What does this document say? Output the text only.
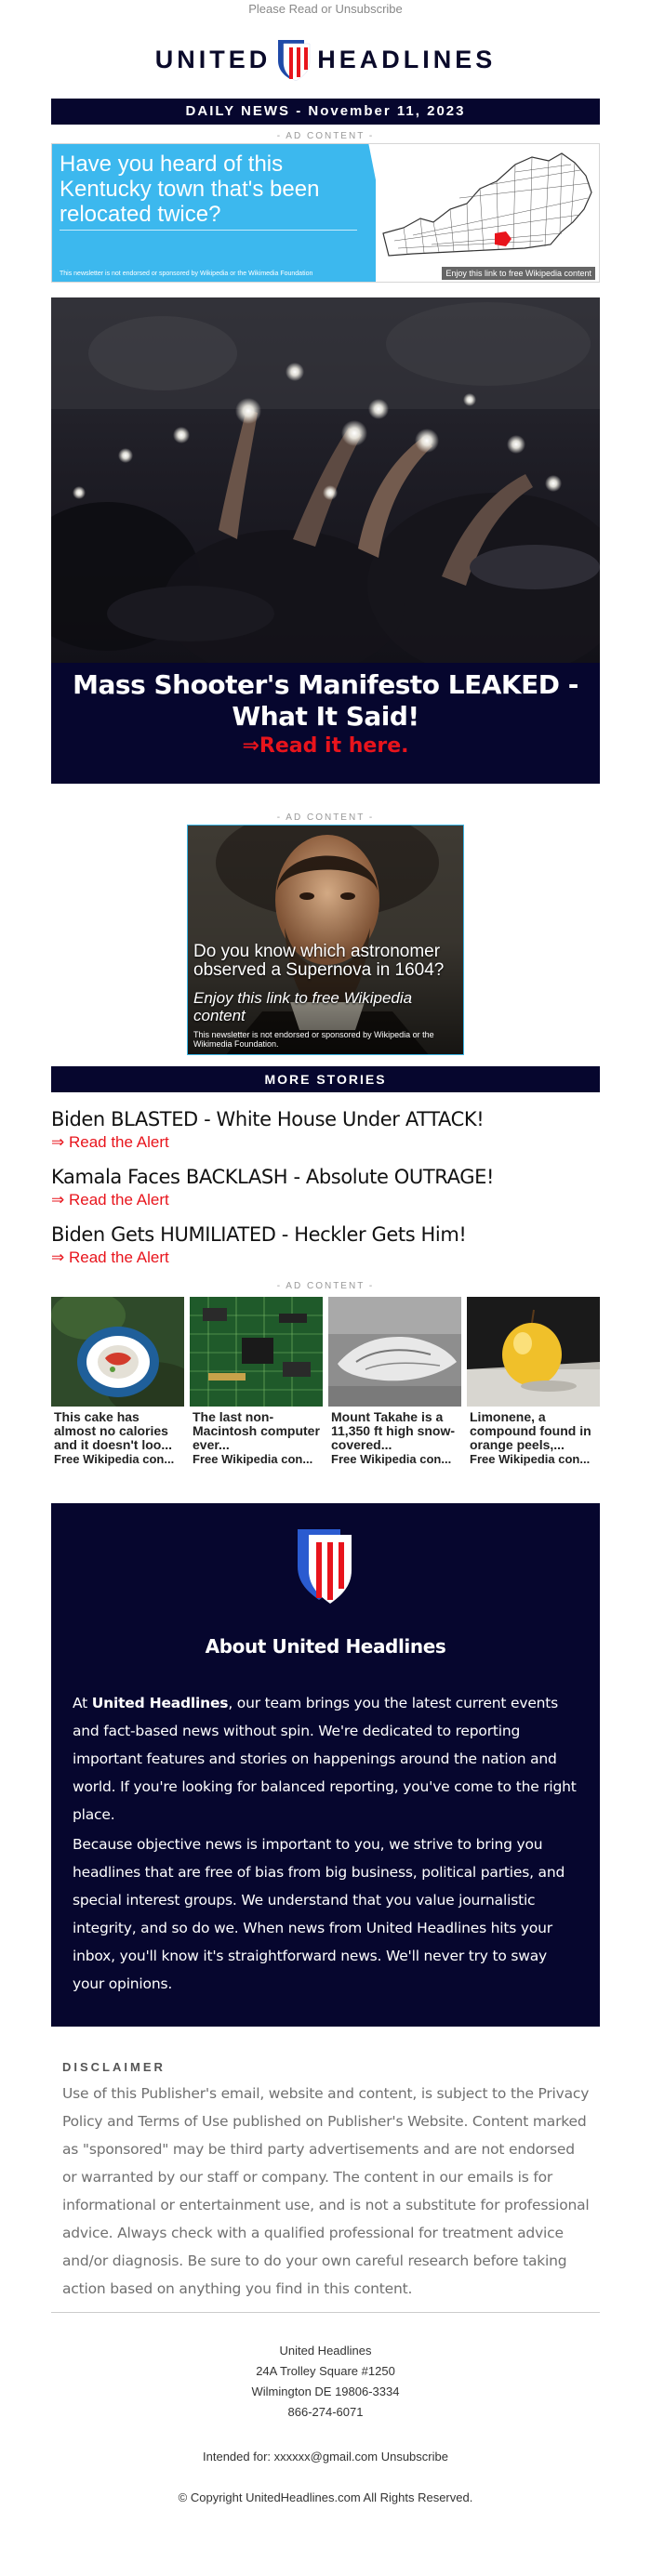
Please Read or Unsubscribe
UNITED HEADLINES
DAILY NEWS - November 11, 2023
- AD CONTENT -
Have you heard of this Kentucky town that's been relocated twice?
This newsletter is not endorsed or sponsored by Wikipedia or the Wikimedia Foundation	Enjoy this link to free Wikipedia content
Mass Shooter's Manifesto LEAKED - What It Said!
⇒Read it here.
- AD CONTENT -
Do you know which astronomer observed a Supernova in 1604?
Enjoy this link to free Wikipedia content
This newsletter is not endorsed or sponsored by Wikipedia or the Wikimedia Foundation.
MORE STORIES
Biden BLASTED - White House Under ATTACK!
⇒ Read the Alert
Kamala Faces BACKLASH - Absolute OUTRAGE!
⇒ Read the Alert
Biden Gets HUMILIATED - Heckler Gets Him!
⇒ Read the Alert
- AD CONTENT -
This cake has almost no calories and it doesn't loo...
Free Wikipedia con...
The last non-Macintosh computer ever...
Free Wikipedia con...
Mount Takahe is a 11,350 ft high snow-covered...
Free Wikipedia con...
Limonene, a compound found in orange peels,...
Free Wikipedia con...
About United Headlines

At United Headlines, our team brings you the latest current events and fact-based news without spin. We're dedicated to reporting important features and stories on happenings around the nation and world. If you're looking for balanced reporting, you've come to the right place.

Because objective news is important to you, we strive to bring you headlines that are free of bias from big business, political parties, and special interest groups. We understand that you value journalistic integrity, and so do we. When news from United Headlines hits your inbox, you'll know it's straightforward news. We'll never try to sway your opinions.

DISCLAIMER
Use of this Publisher's email, website and content, is subject to the Privacy Policy and Terms of Use published on Publisher's Website. Content marked as "sponsored" may be third party advertisements and are not endorsed or warranted by our staff or company. The content in our emails is for informational or entertainment use, and is not a substitute for professional advice. Always check with a qualified professional for treatment advice and/or diagnosis. Be sure to do your own careful research before taking action based on anything you find in this content.
United Headlines
24A Trolley Square #1250
Wilmington DE 19806-3334
866-274-6071
Intended for: xxxxxx@gmail.com Unsubscribe
© Copyright UnitedHeadlines.com All Rights Reserved.
